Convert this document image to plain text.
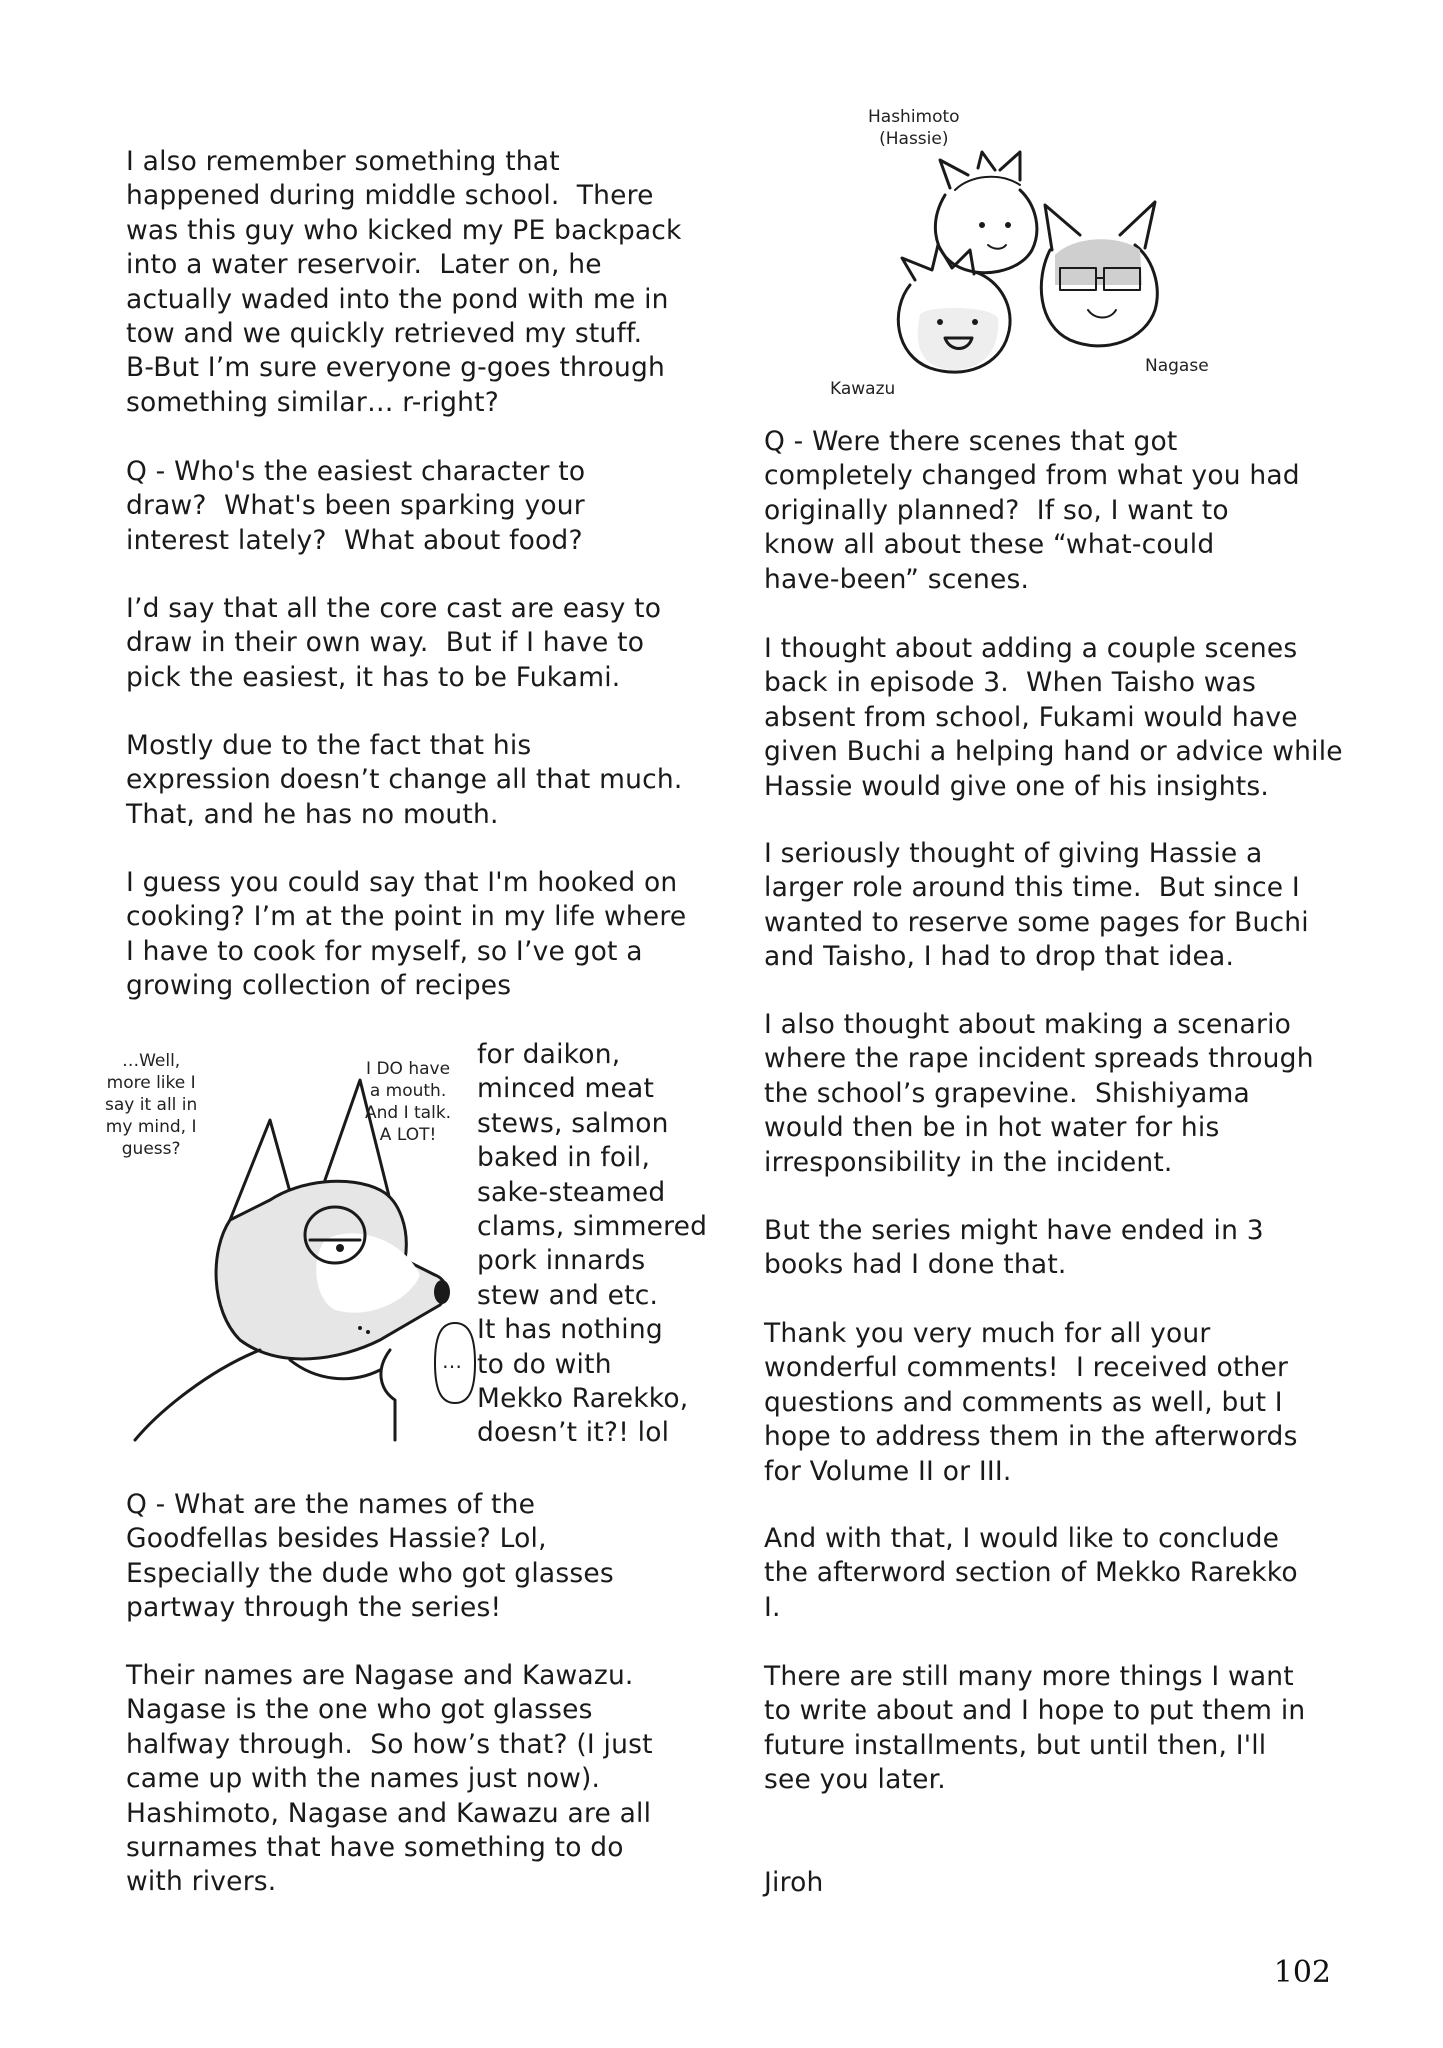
I also remember something that
happened during middle school.  There
was this guy who kicked my PE backpack
into a water reservoir.  Later on, he
actually waded into the pond with me in
tow and we quickly retrieved my stuff.
B-But I’m sure everyone g-goes through
something similar… r-right?
Q - Who's the easiest character to
draw?  What's been sparking your
interest lately?  What about food?
I’d say that all the core cast are easy to
draw in their own way.  But if I have to
pick the easiest, it has to be Fukami.
Mostly due to the fact that his
expression doesn’t change all that much.
That, and he has no mouth.
I guess you could say that I'm hooked on
cooking? I’m at the point in my life where
I have to cook for myself, so I’ve got a
growing collection of recipes
for daikon,
minced meat
stews, salmon
baked in foil,
sake-steamed
clams, simmered
pork innards
stew and etc.
It has nothing
to do with
Mekko Rarekko,
doesn’t it?! lol
Q - What are the names of the
Goodfellas besides Hassie? Lol,
Especially the dude who got glasses
partway through the series!
Their names are Nagase and Kawazu.
Nagase is the one who got glasses
halfway through.  So how’s that? (I just
came up with the names just now).
Hashimoto, Nagase and Kawazu are all
surnames that have something to do
with rivers.
Q - Were there scenes that got
completely changed from what you had
originally planned?  If so, I want to
know all about these “what-could
have-been” scenes.
I thought about adding a couple scenes
back in episode 3.  When Taisho was
absent from school, Fukami would have
given Buchi a helping hand or advice while
Hassie would give one of his insights.
I seriously thought of giving Hassie a
larger role around this time.  But since I
wanted to reserve some pages for Buchi
and Taisho, I had to drop that idea.
I also thought about making a scenario
where the rape incident spreads through
the school’s grapevine.  Shishiyama
would then be in hot water for his
irresponsibility in the incident.
But the series might have ended in 3
books had I done that.
Thank you very much for all your
wonderful comments!  I received other
questions and comments as well, but I
hope to address them in the afterwords
for Volume II or III.
And with that, I would like to conclude
the afterword section of Mekko Rarekko
I.
There are still many more things I want
to write about and I hope to put them in
future installments, but until then, I'll
see you later.
Jiroh
Hashimoto
(Hassie)
Kawazu
Nagase
…Well,
more like I
say it all in
my mind, I
guess?
I DO have
a mouth.
And I talk.
A LOT!
…
102
